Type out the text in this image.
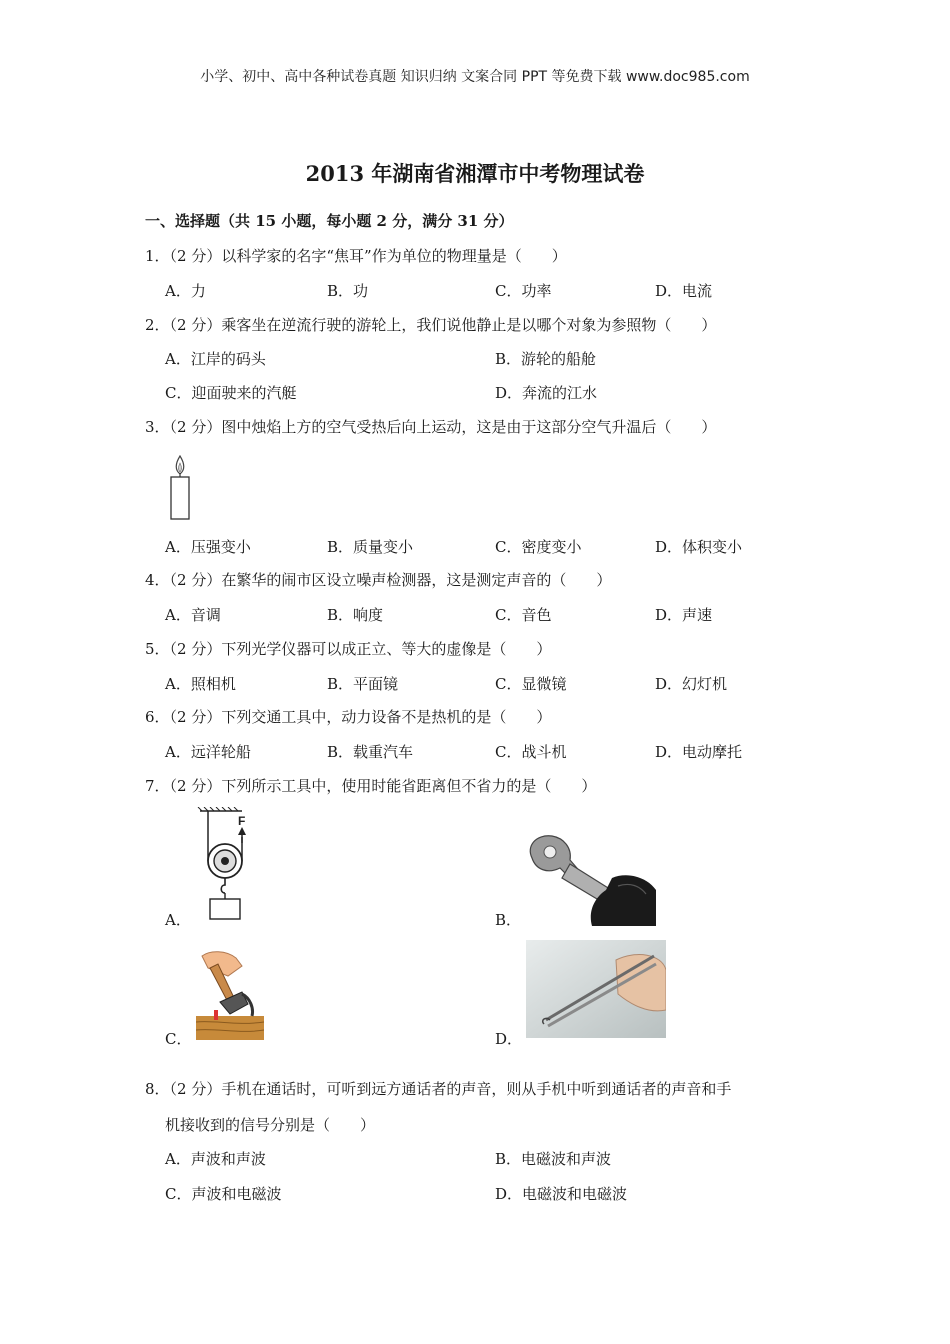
小学、初中、高中各种试卷真题 知识归纳 文案合同 PPT 等免费下载 www.doc985.com
2013 年湖南省湘潭市中考物理试卷
一、选择题（共 15 小题，每小题 2 分，满分 31 分）
1．（2 分）以科学家的名字“焦耳”作为单位的物理量是（　　）
A．力	B．功	C．功率	D．电流
2．（2 分）乘客坐在逆流行驶的游轮上，我们说他静止是以哪个对象为参照物（　　）
A．江岸的码头	B．游轮的船舱
C．迎面驶来的汽艇	D．奔流的江水
3．（2 分）图中烛焰上方的空气受热后向上运动，这是由于这部分空气升温后（　　）
A．压强变小	B．质量变小	C．密度变小	D．体积变小
4．（2 分）在繁华的闹市区设立噪声检测器，这是测定声音的（　　）
A．音调	B．响度	C．音色	D．声速
5．（2 分）下列光学仪器可以成正立、等大的虚像是（　　）
A．照相机	B．平面镜	C．显微镜	D．幻灯机
6．（2 分）下列交通工具中，动力设备不是热机的是（　　）
A．远洋轮船	B．载重汽车	C．战斗机	D．电动摩托
7．（2 分）下列所示工具中，使用时能省距离但不省力的是（　　）
F
A．	B．
C．	D．
8．（2 分）手机在通话时，可听到远方通话者的声音，则从手机中听到通话者的声音和手
机接收到的信号分别是（　　）
A．声波和声波	B．电磁波和声波
C．声波和电磁波	D．电磁波和电磁波
